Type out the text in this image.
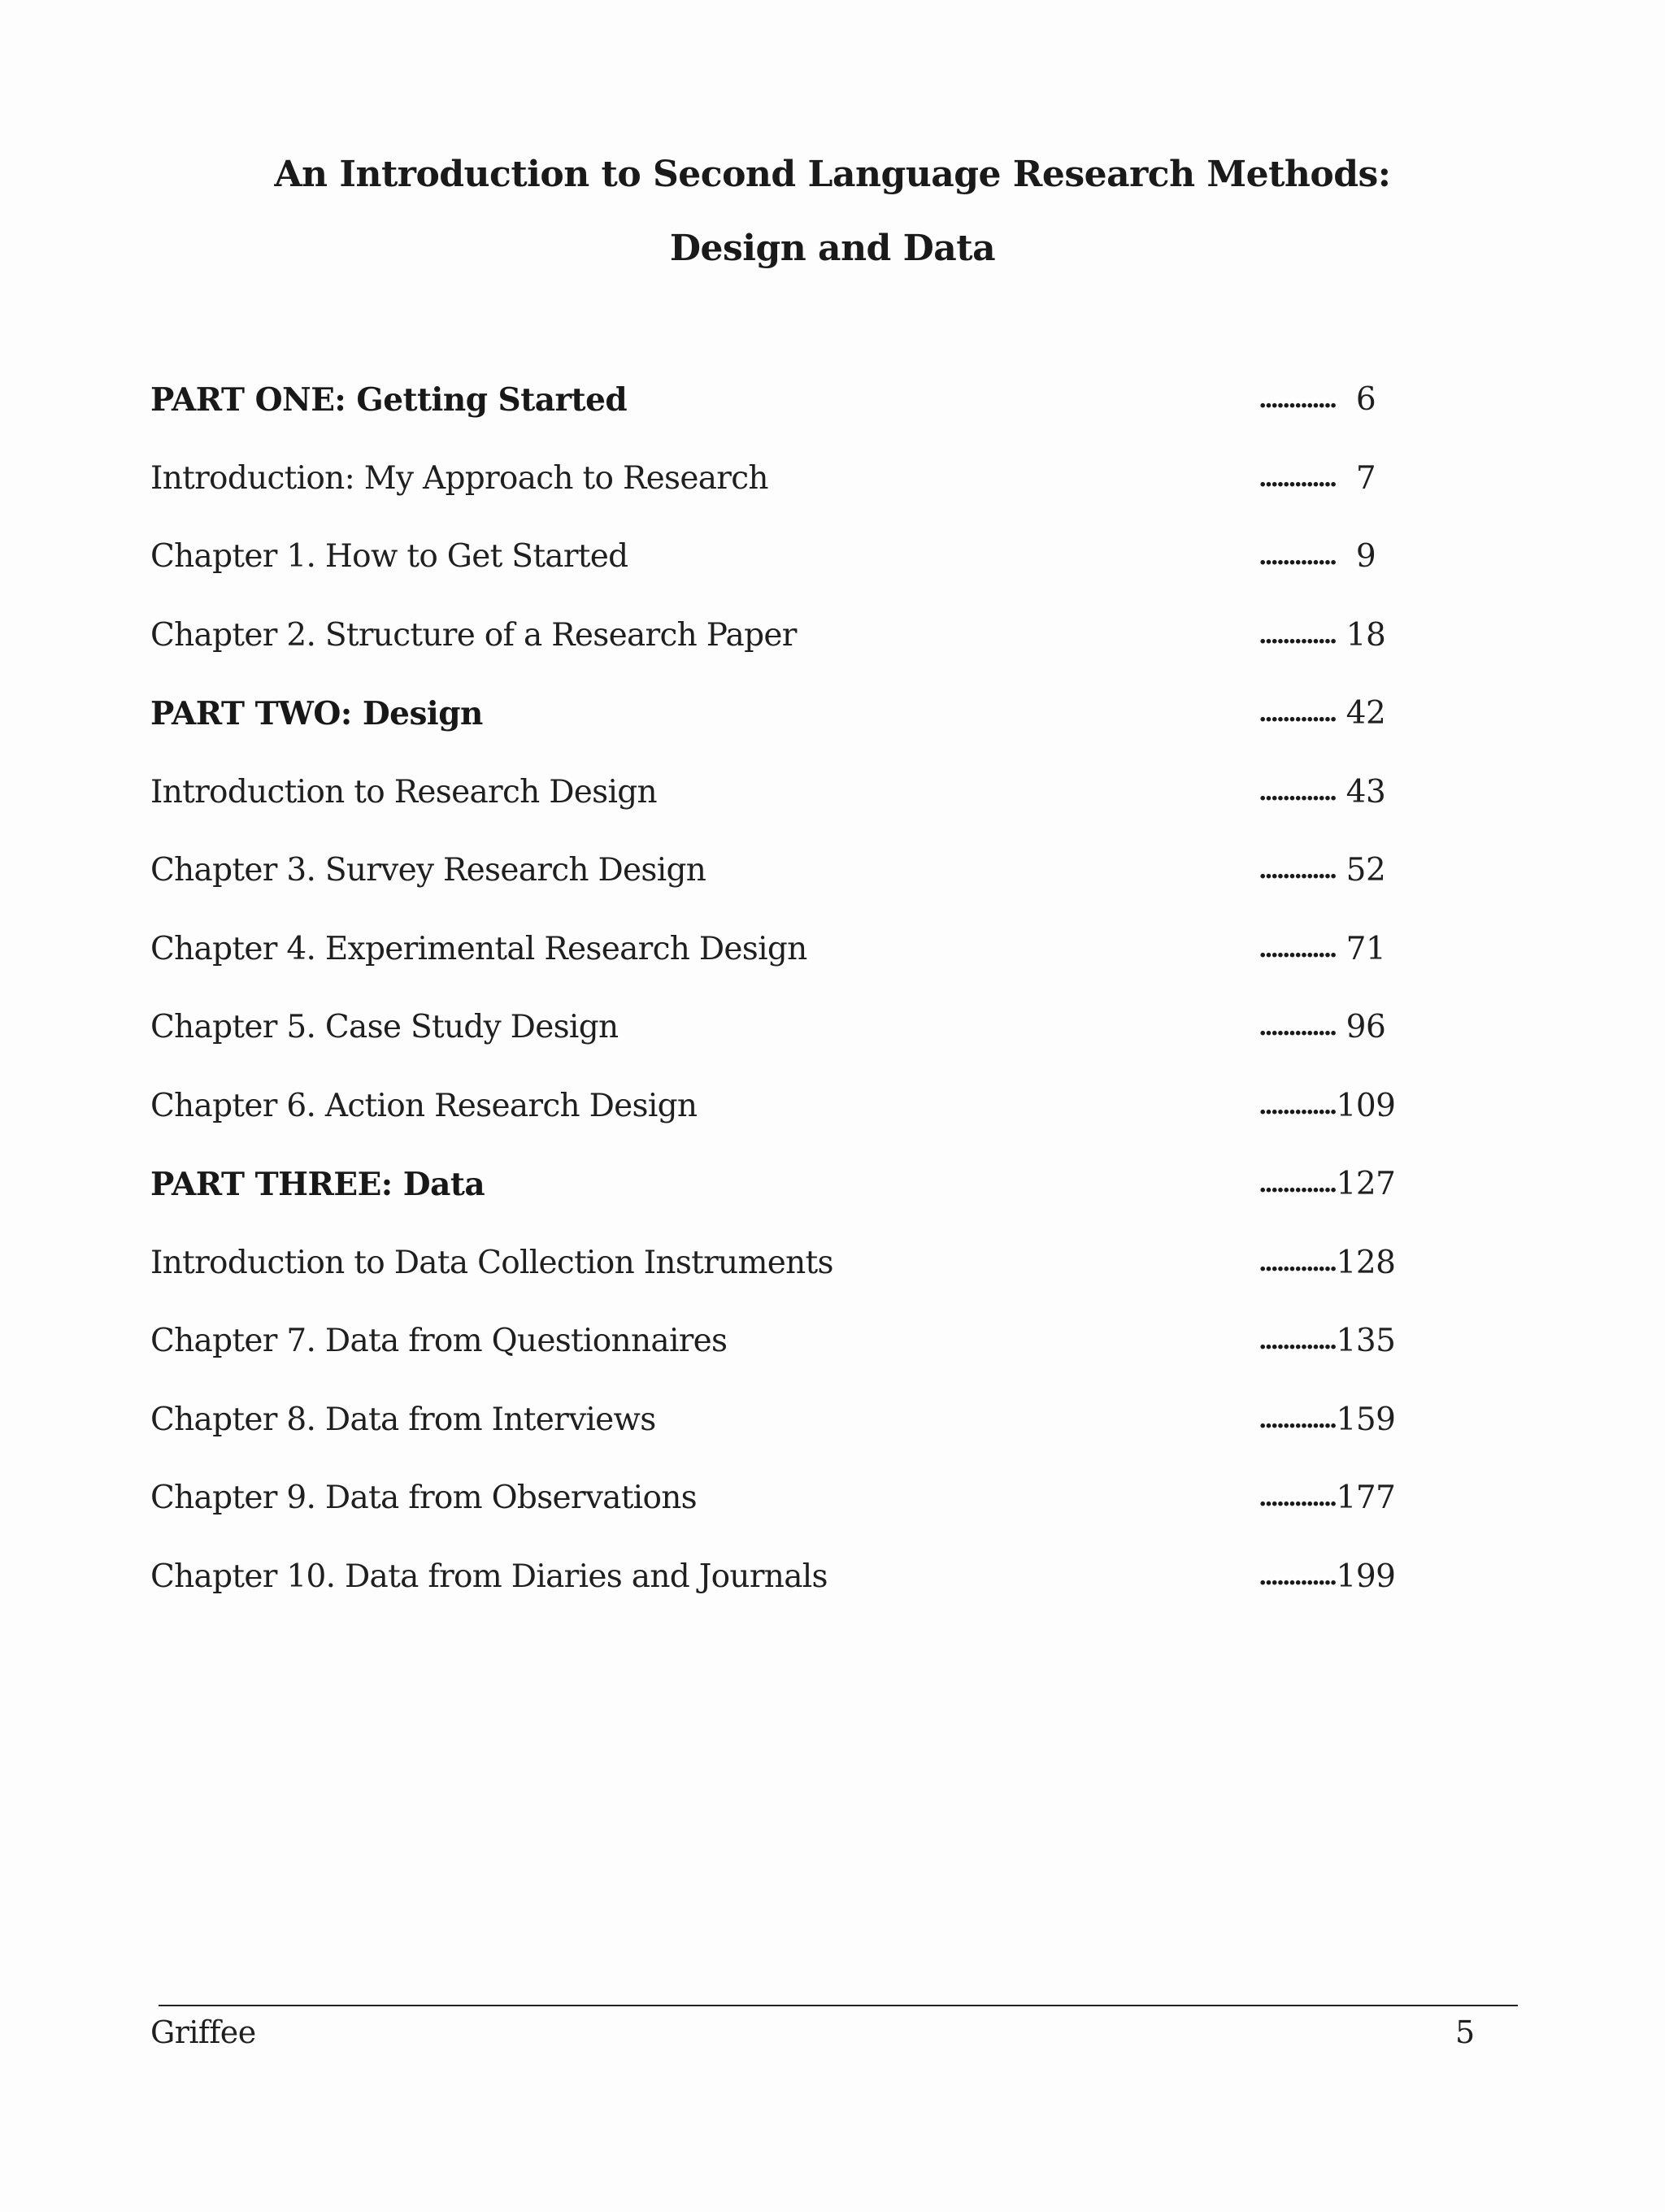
An Introduction to Second Language Research Methods:
Design and Data
PART ONE: Getting Started	............. 6
Introduction: My Approach to Research	............. 7
Chapter 1. How to Get Started	............. 9
Chapter 2. Structure of a Research Paper	............. 18
PART TWO: Design	............. 42
Introduction to Research Design	............. 43
Chapter 3. Survey Research Design	............. 52
Chapter 4. Experimental Research Design	............. 71
Chapter 5. Case Study Design	............. 96
Chapter 6. Action Research Design	............. 109
PART THREE: Data	............. 127
Introduction to Data Collection Instruments	............. 128
Chapter 7. Data from Questionnaires	............. 135
Chapter 8. Data from Interviews	............. 159
Chapter 9. Data from Observations	............. 177
Chapter 10. Data from Diaries and Journals	............. 199
Griffee	5
